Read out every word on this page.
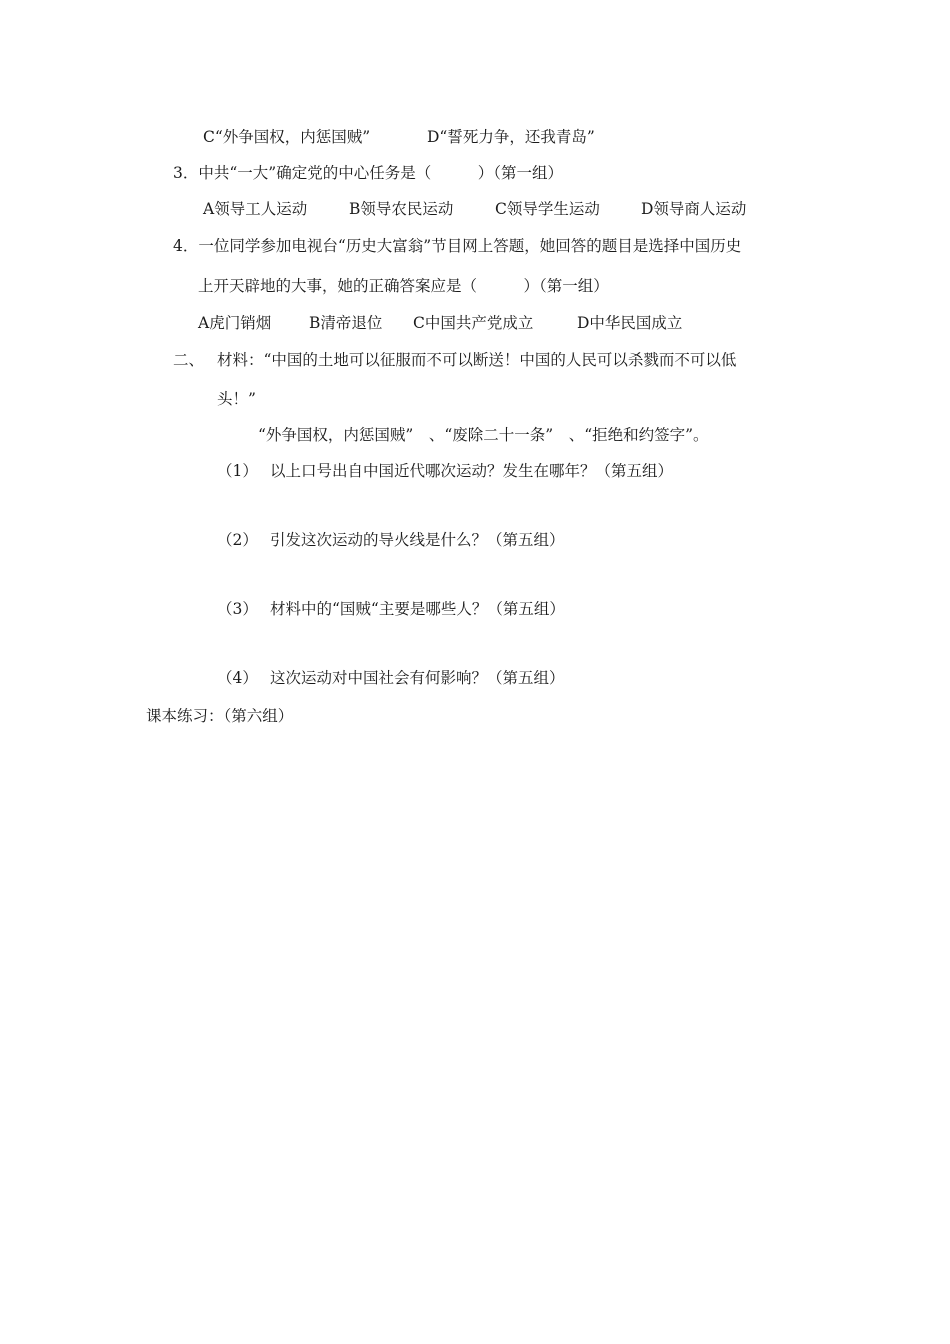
C“外争国权，内惩国贼”	D“誓死力争，还我青岛”
3．中共“一大”确定党的中心任务是（　　　）（第一组）
A领导工人运动	B领导农民运动	C领导学生运动	D领导商人运动
4．一位同学参加电视台“历史大富翁”节目网上答题，她回答的题目是选择中国历史
上开天辟地的大事，她的正确答案应是（　　　）（第一组）
A虎门销烟 B清帝退位 C中国共产党成立	D中华民国成立
二、 材料：“中国的土地可以征服而不可以断送！中国的人民可以杀戮而不可以低
头！”
“外争国权，内惩国贼”　、“废除二十一条”　、“拒绝和约签字”。
（1） 以上口号出自中国近代哪次运动？发生在哪年？（第五组）
（2） 引发这次运动的导火线是什么？（第五组）
（3） 材料中的“国贼“主要是哪些人？（第五组）
（4） 这次运动对中国社会有何影响？（第五组）
课本练习：（第六组）
